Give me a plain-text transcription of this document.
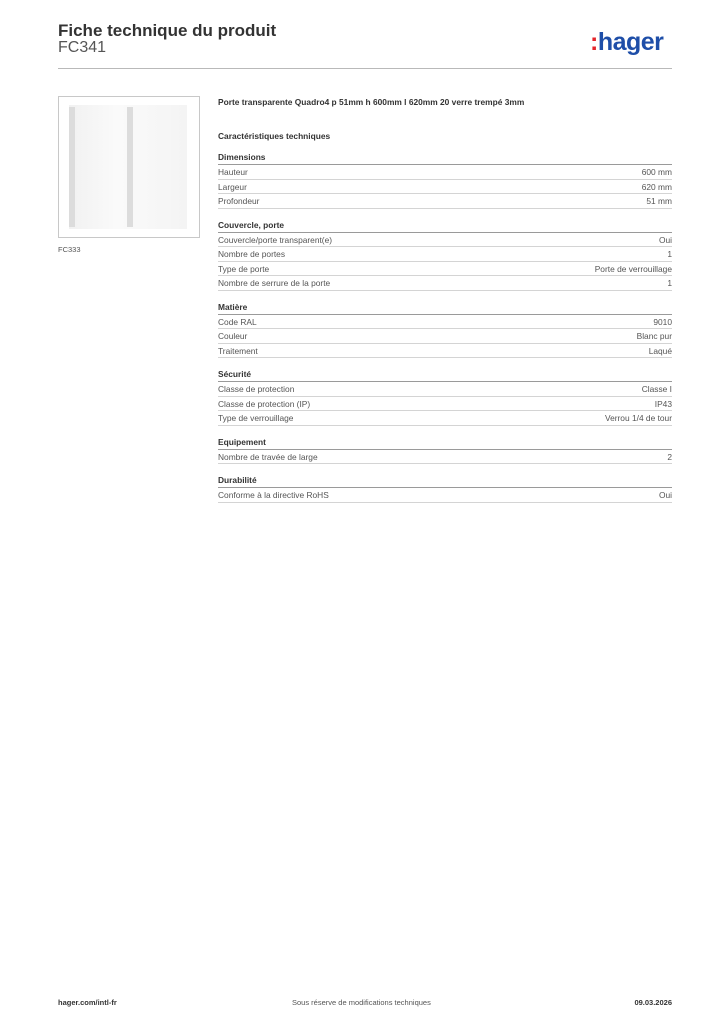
Fiche technique du produit
FC341	:hager
FC333
Porte transparente Quadro4 p 51mm h 600mm l 620mm 20 verre trempé 3mm
Caractéristiques techniques
Dimensions
Hauteur	600 mm
Largeur	620 mm
Profondeur	51 mm
Couvercle, porte
Couvercle/porte transparent(e)	Oui
Nombre de portes	1
Type de porte	Porte de verrouillage
Nombre de serrure de la porte	1
Matière
Code RAL	9010
Couleur	Blanc pur
Traitement	Laqué
Sécurité
Classe de protection	Classe I
Classe de protection (IP)	IP43
Type de verrouillage	Verrou 1/4 de tour
Equipement
Nombre de travée de large	2
Durabilité
Conforme à la directive RoHS	Oui
hager.com/intl-fr	Sous réserve de modifications techniques	09.03.2026
